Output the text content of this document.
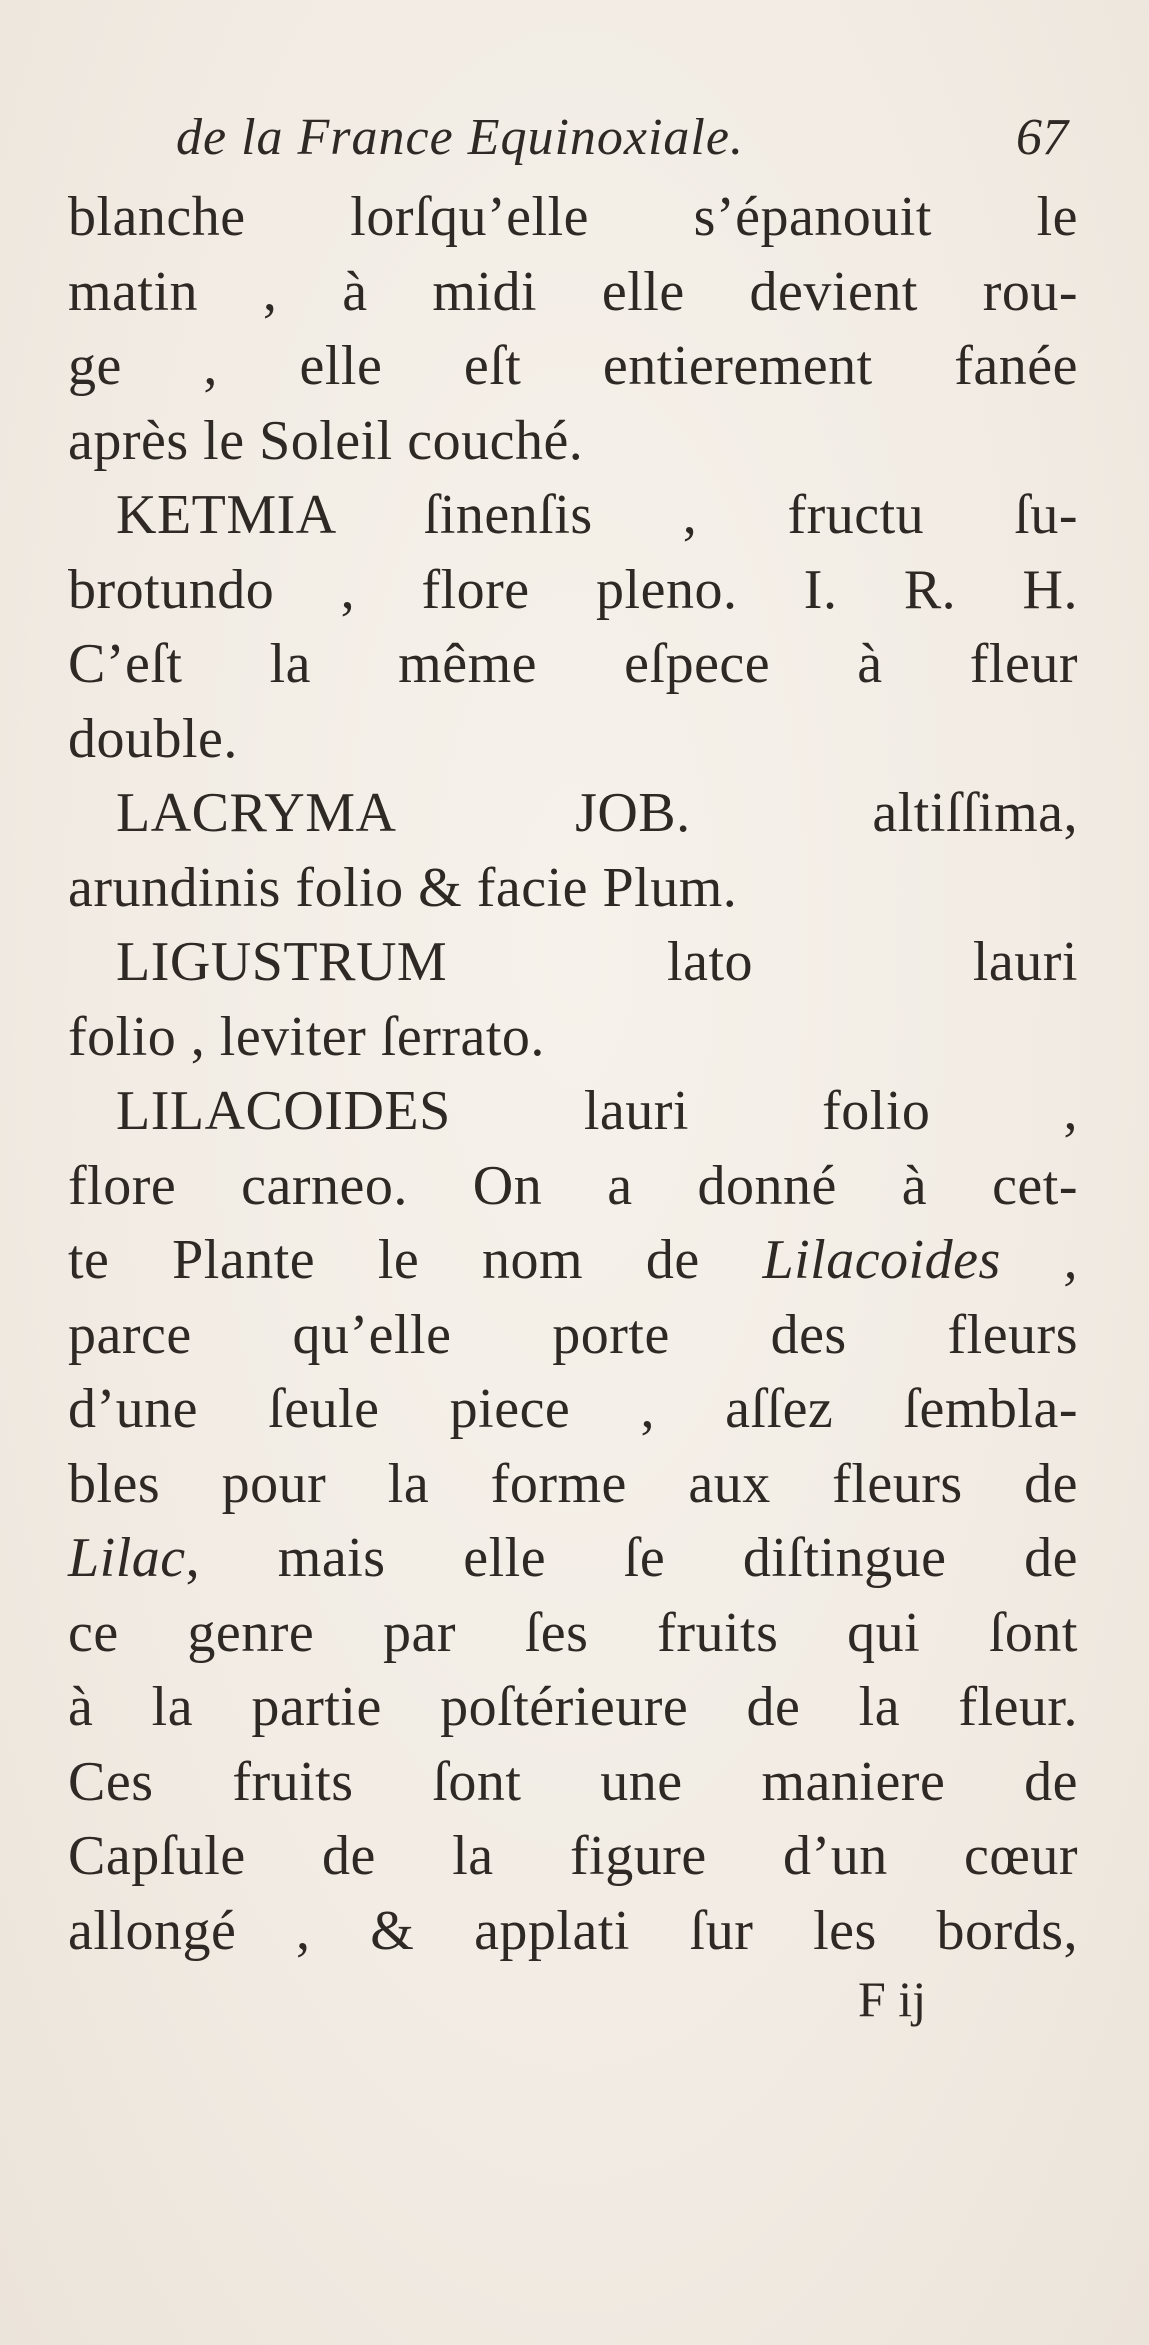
de la France Equinoxiale.	67
blanche lorſqu’elle s’épanouit le
matin , à midi elle devient rou-
ge , elle eſt entierement fanée
après le Soleil couché.
KETMIA ſinenſis , fructu ſu-
brotundo , flore pleno. I. R. H.
C’eſt la même eſpece à fleur
double.
LACRYMA JOB. altiſſima,
arundinis folio & facie Plum.
LIGUSTRUM lato lauri
folio , leviter ſerrato.
LILACOIDES lauri folio ,
flore carneo. On a donné à cet-
te Plante le nom de Lilacoides ,
parce qu’elle porte des fleurs
d’une ſeule piece , aſſez ſembla-
bles pour la forme aux fleurs de
Lilac, mais elle ſe diſtingue de
ce genre par ſes fruits qui ſont
à la partie poſtérieure de la fleur.
Ces fruits ſont une maniere de
Capſule de la figure d’un cœur
allongé , & applati ſur les bords,
F ij
